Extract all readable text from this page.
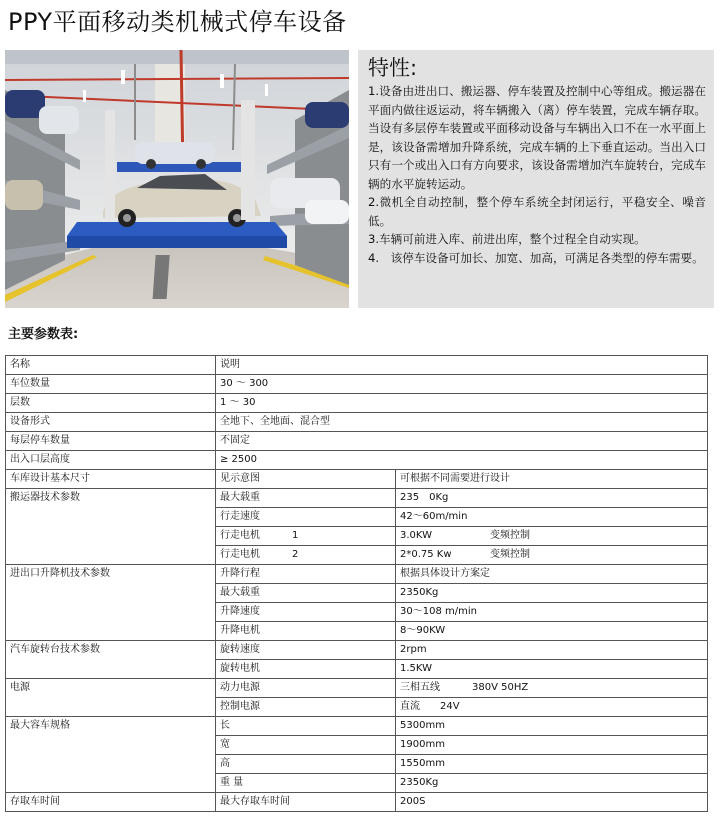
PPY平面移动类机械式停车设备
特性:

1.设备由进出口、搬运器、停车装置及控制中心等组成。搬运器在平面内做往返运动，将车辆搬入（离）停车装置，完成车辆存取。当设有多层停车装置或平面移动设备与车辆出入口不在一水平面上是，该设备需增加升降系统，完成车辆的上下垂直运动。当出入口只有一个或出入口有方向要求，该设备需增加汽车旋转台，完成车辆的水平旋转运动。

2.微机全自动控制，整个停车系统全封闭运行，平稳安全、噪音低。

3.车辆可前进入库、前进出库，整个过程全自动实现。

4.　该停车设备可加长、加宽、加高，可满足各类型的停车需要。

主要参数表:
名称	说明	
车位数量	30 ～ 300	
层数	1 ～ 30	
设备形式	全地下、全地面、混合型	
每层停车数量	不固定	
出入口层高度	≥ 2500	
车库设计基本尺寸	见示意图	可根据不同需要进行设计
搬运器技术参数	最大载重	235　0Kg
	行走速度	42～60m/min
	行走电机 1	3.0KW 变频控制
	行走电机 2	2*0.75 Kw 变频控制
进出口升降机技术参数	升降行程	根据具体设计方案定
	最大载重	2350Kg
	升降速度	30～108 m/min
	升降电机	8～90KW
汽车旋转台技术参数	旋转速度	2rpm
	旋转电机	1.5KW
电源	动力电源	三相五线 380V 50HZ
	控制电源	直流 24V
最大容车规格	长	5300mm
	宽	1900mm
	高	1550mm
	重 量	2350Kg
存取车时间	最大存取车时间	200S
